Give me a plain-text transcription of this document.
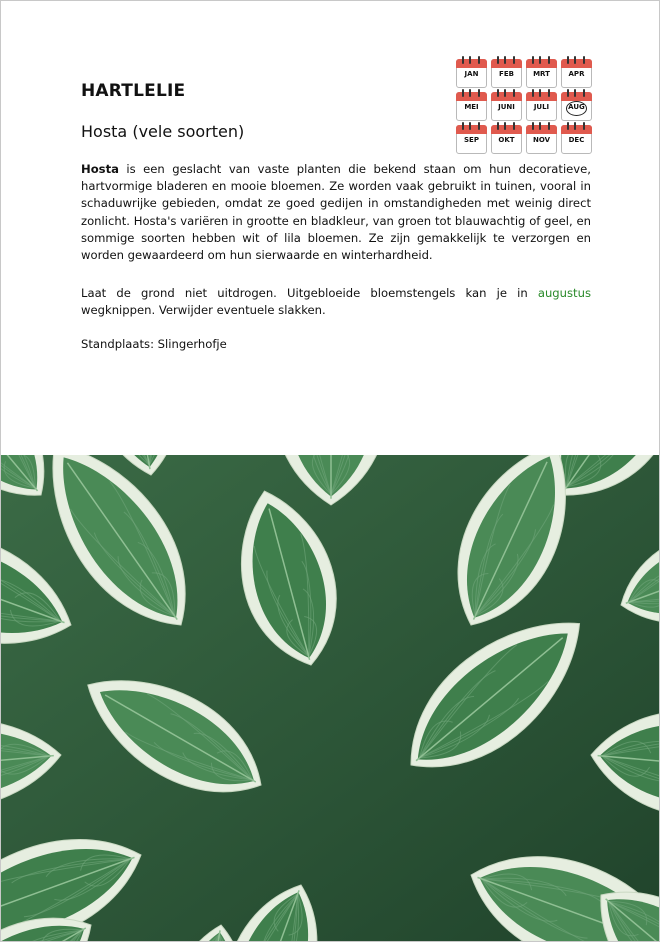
HARTLELIE
Hosta (vele soorten)
JAN	FEB	MRT	APR
MEI	JUNI	JULI	AUG
SEP	OKT	NOV	DEC

Hosta is een geslacht van vaste planten die bekend staan om hun decoratieve, hartvormige bladeren en mooie bloemen. Ze worden vaak gebruikt in tuinen, vooral in schaduwrijke gebieden, omdat ze goed gedijen in omstandigheden met weinig direct zonlicht. Hosta's variëren in grootte en bladkleur, van groen tot blauwachtig of geel, en sommige soorten hebben wit of lila bloemen. Ze zijn gemakkelijk te verzorgen en worden gewaardeerd om hun sierwaarde en winterhardheid.

Laat de grond niet uitdrogen. Uitgebloeide bloemstengels kan je in augustus wegknippen. Verwijder eventuele slakken.

Standplaats: Slingerhofje
